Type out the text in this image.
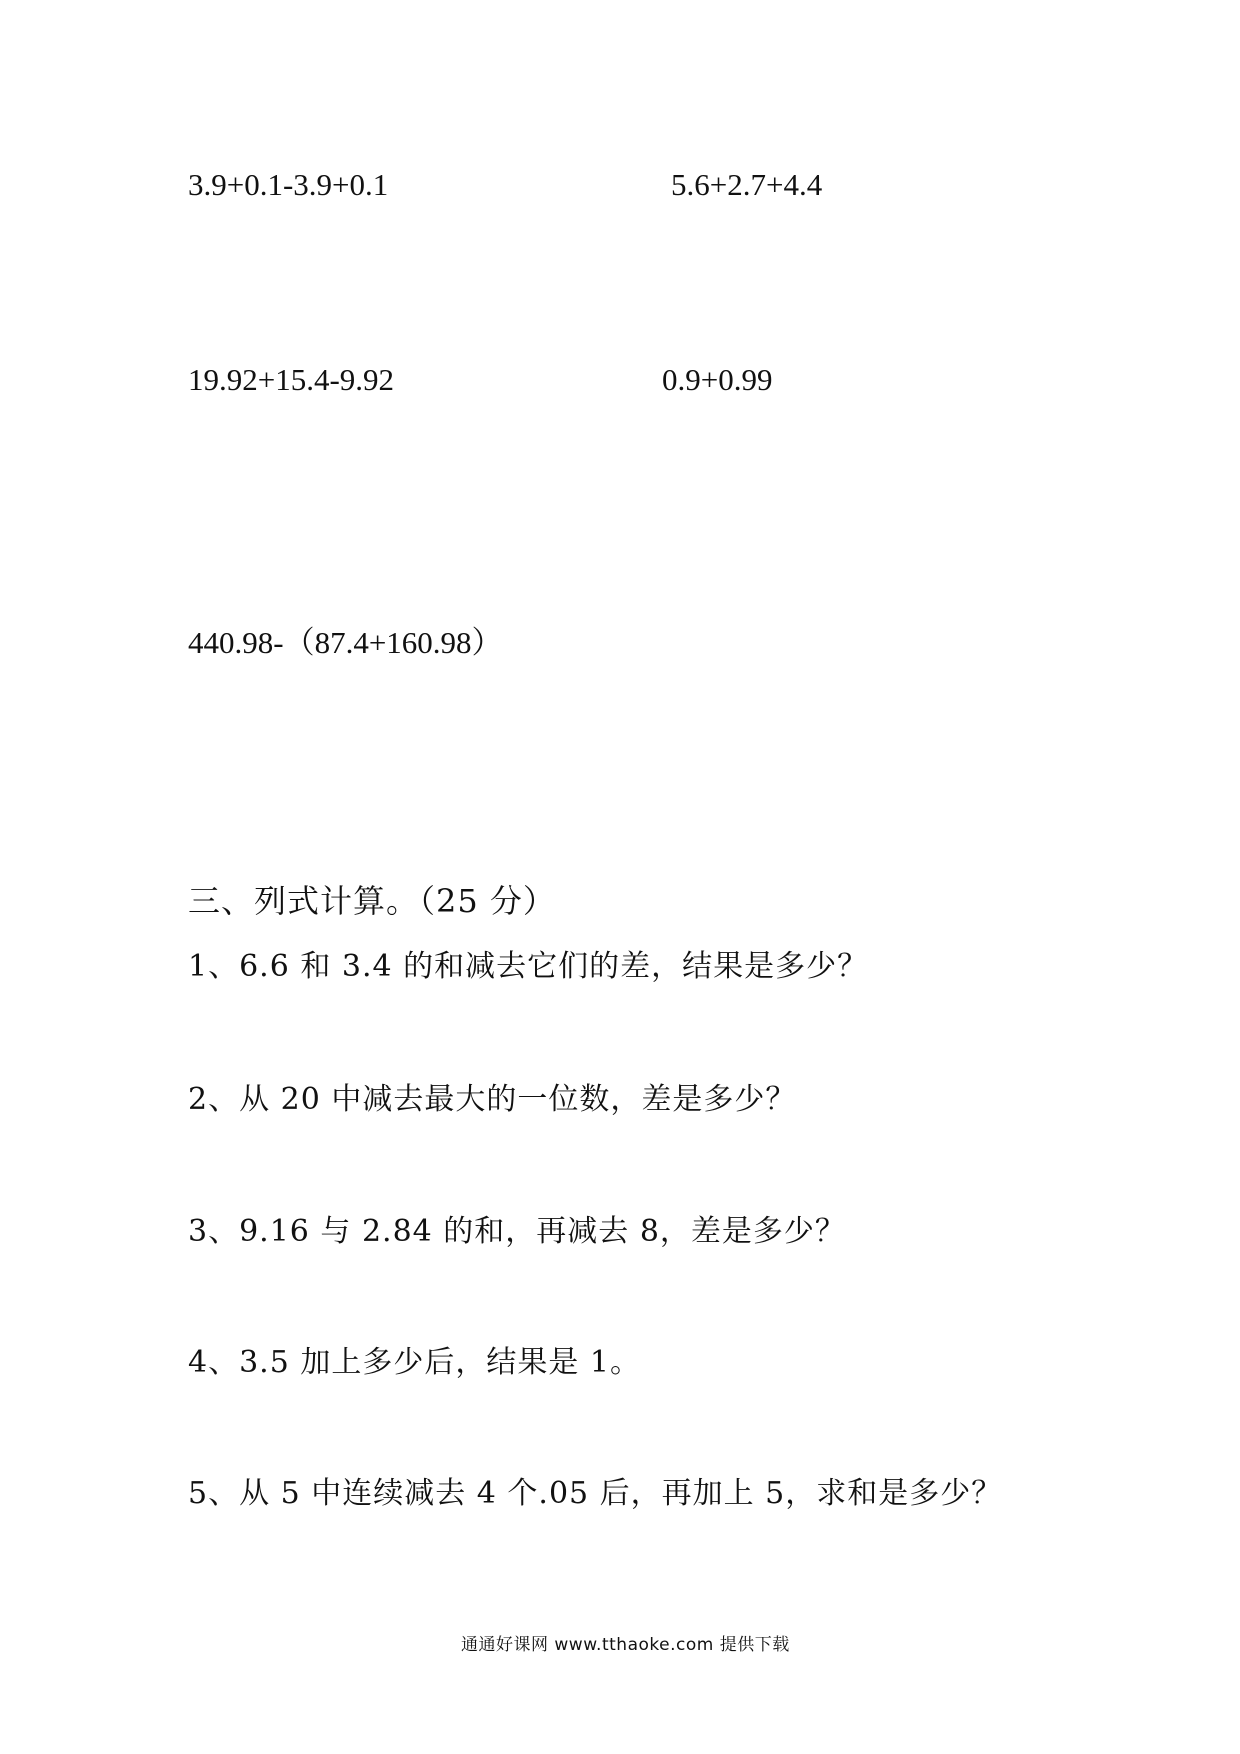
3.9+0.1-3.9+0.1	5.6+2.7+4.4
19.92+15.4-9.92	0.9+0.99
440.98-（87.4+160.98）
三、列式计算。（25 分）
1、6.6 和 3.4 的和减去它们的差，结果是多少？
2、从 20 中减去最大的一位数，差是多少？
3、9.16 与 2.84 的和，再减去 8，差是多少？
4、3.5 加上多少后，结果是 1。
5、从 5 中连续减去 4 个.05 后，再加上 5，求和是多少？
通通好课网 www.tthaoke.com 提供下载
